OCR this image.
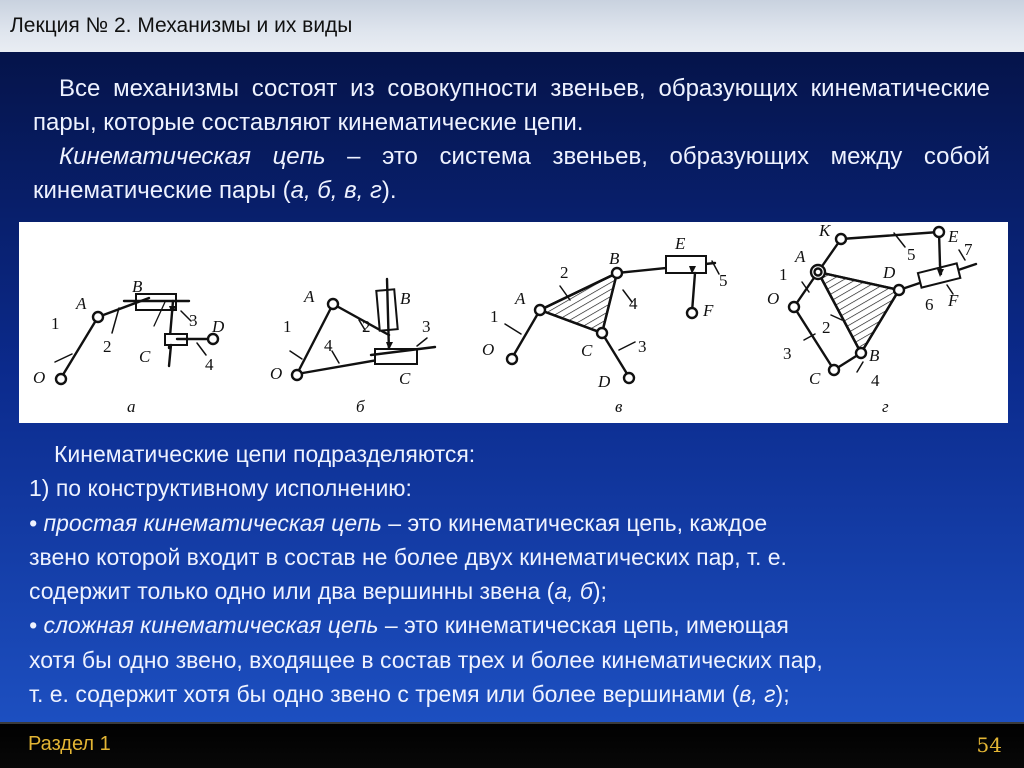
Лекция № 2. Механизмы и их виды

Все механизмы состоят из совокупности звеньев, образующих кинематические пары, которые составляют кинематические цепи.

Кинематическая цепь – это система звеньев, образующих между собой кинематические пары (а, б, в, г).

O
A
B
C
D
1
2
3
4
а
O
A	B
C
1	2	3
4
б
O
A
B
C
D
E
F
1
2
3
4
5
в
O
A
B
C
D
E
F
K
1
2
3
4
5
6
7
г
Кинематические цепи подразделяются:
1) по конструктивному исполнению:
• простая кинематическая цепь – это кинематическая цепь, каждое
звено которой входит в состав не более двух кинематических пар, т. е.
содержит только одно или два вершинны звена (а, б);
• сложная кинематическая цепь – это кинематическая цепь, имеющая
хотя бы одно звено, входящее в состав трех и более кинематических пар,
т. е. содержит хотя бы одно звено с тремя или более вершинами (в, г);
Раздел 1	54
